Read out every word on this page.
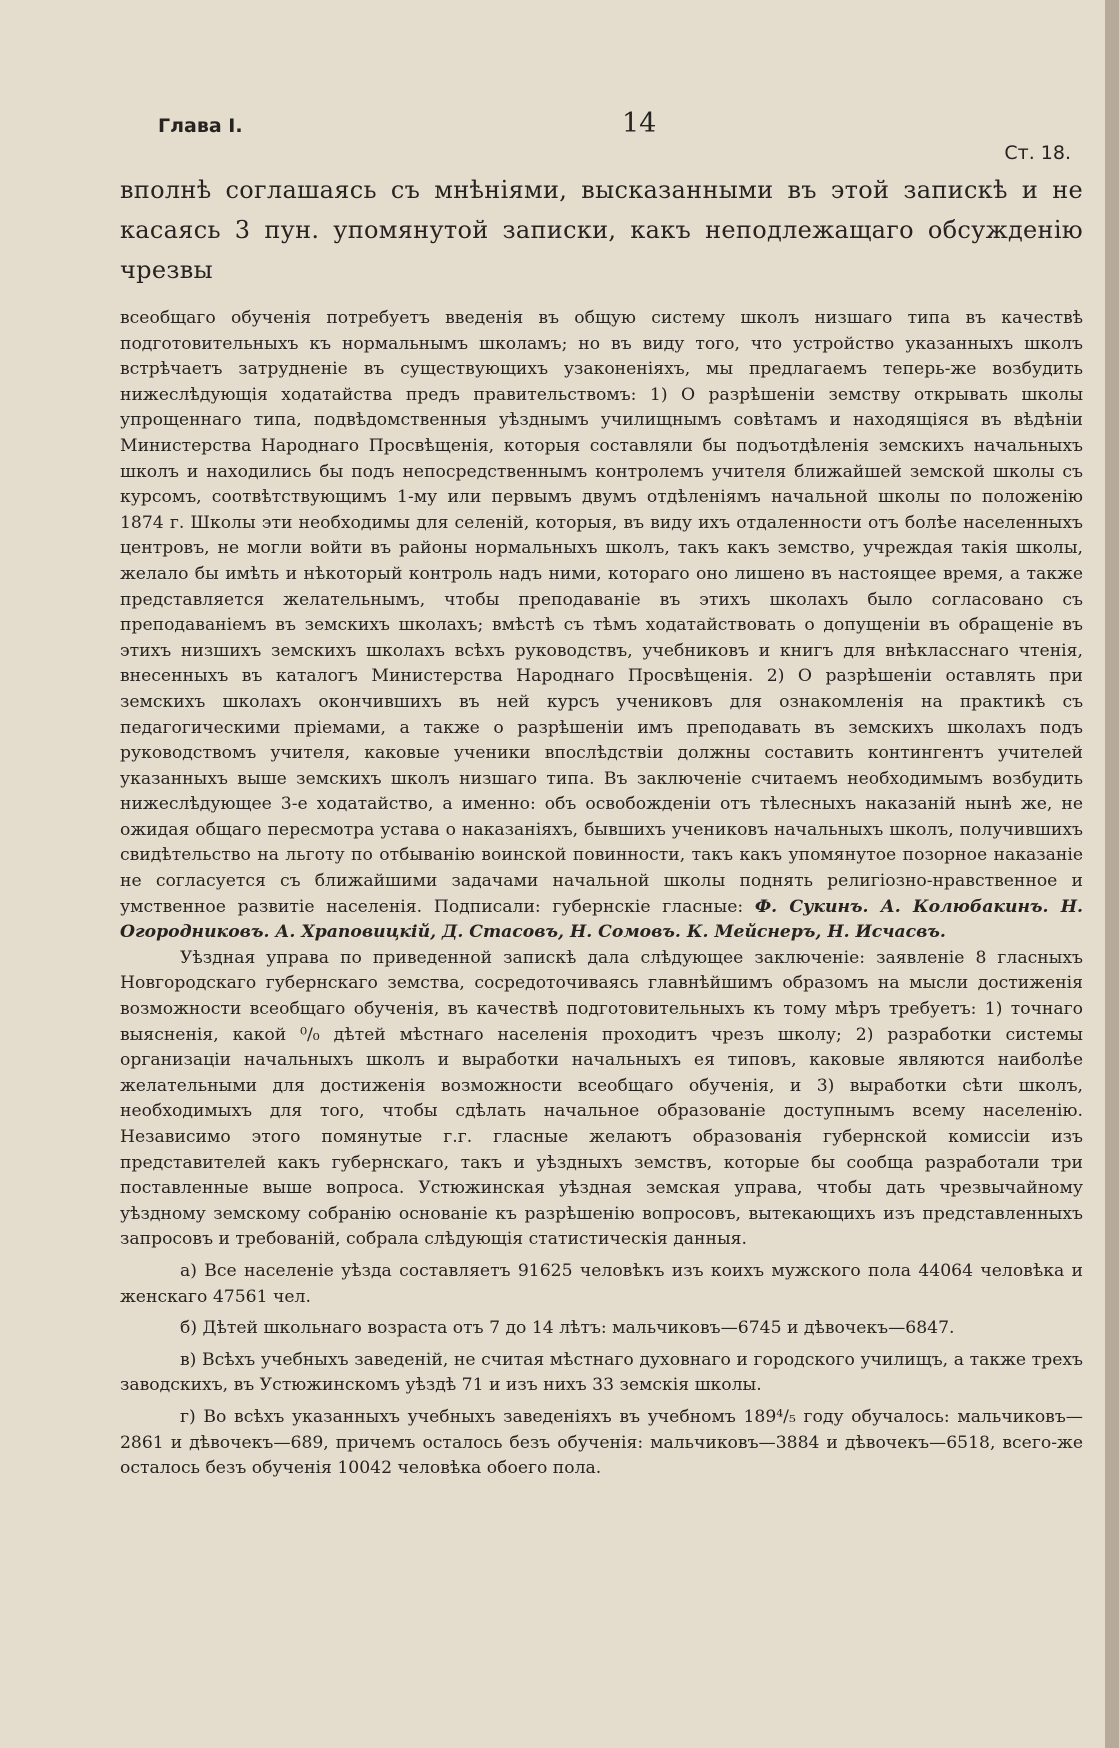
Глава I.	14
Ст. 18.

вполнѣ соглашаясь съ мнѣніями, высказанными въ этой запискѣ и не касаясь 3 пун. упомянутой записки, какъ неподлежащаго обсужденію чрезвы

всеобщаго обученія потребуетъ введенія въ общую систему школъ низшаго типа въ качествѣ подготовительныхъ къ нормальнымъ школамъ; но въ виду того, что устройство указанныхъ школъ встрѣчаетъ затрудненіе въ существующихъ узаконеніяхъ, мы предлагаемъ теперь-же возбудить нижеслѣдующія ходатайства предъ правительствомъ: 1) О разрѣшеніи земству открывать школы упрощеннаго типа, подвѣдомственныя уѣзднымъ училищнымъ совѣтамъ и находящіяся въ вѣдѣніи Министерства Народнаго Просвѣщенія, которыя составляли бы подъотдѣленія земскихъ начальныхъ школъ и находились бы подъ непосредственнымъ контролемъ учителя ближайшей земской школы съ курсомъ, соотвѣтствующимъ 1-му или первымъ двумъ отдѣленіямъ начальной школы по положенію 1874 г. Школы эти необходимы для селеній, которыя, въ виду ихъ отдаленности отъ болѣе населенныхъ центровъ, не могли войти въ районы нормальныхъ школъ, такъ какъ земство, учреждая такія школы, желало бы имѣть и нѣкоторый контроль надъ ними, котораго оно лишено въ настоящее время, а также представляется желательнымъ, чтобы преподаваніе въ этихъ школахъ было согласовано съ преподаваніемъ въ земскихъ школахъ; вмѣстѣ съ тѣмъ ходатайствовать о допущеніи въ обращеніе въ этихъ низшихъ земскихъ школахъ всѣхъ руководствъ, учебниковъ и книгъ для внѣкласснаго чтенія, внесенныхъ въ каталогъ Министерства Народнаго Просвѣщенія. 2) О разрѣшеніи оставлять при земскихъ школахъ окончившихъ въ ней курсъ учениковъ для ознакомленія на практикѣ съ педагогическими пріемами, а также о разрѣшеніи имъ преподавать въ земскихъ школахъ подъ руководствомъ учителя, каковые ученики впослѣдствіи должны составить контингентъ учителей указанныхъ выше земскихъ школъ низшаго типа. Въ заключеніе считаемъ необходимымъ возбудить нижеслѣдующее 3-е ходатайство, а именно: объ освобожденіи отъ тѣлесныхъ наказаній нынѣ же, не ожидая общаго пересмотра устава о наказаніяхъ, бывшихъ учениковъ начальныхъ школъ, получившихъ свидѣтельство на льготу по отбыванію воинской повинности, такъ какъ упомянутое позорное наказаніе не согласуется съ ближайшими задачами начальной школы поднять религіозно-нравственное и умственное развитіе населенія. Подписали: губернскіе гласные: Ф. Сукинъ. А. Колюбакинъ. Н. Огородниковъ. А. Храповицкій, Д. Стасовъ, Н. Сомовъ. К. Мейснеръ, Н. Исчасвъ.

Уѣздная управа по приведенной запискѣ дала слѣдующее заключеніе: заявленіе 8 гласныхъ Новгородскаго губернскаго земства, сосредоточиваясь главнѣйшимъ образомъ на мысли достиженія возможности всеобщаго обученія, въ качествѣ подготовительныхъ къ тому мѣръ требуетъ: 1) точнаго выясненія, какой ⁰/₀ дѣтей мѣстнаго населенія проходитъ чрезъ школу; 2) разработки системы организаціи начальныхъ школъ и выработки начальныхъ ея типовъ, каковые являются наиболѣе желательными для достиженія возможности всеобщаго обученія, и 3) выработки сѣти школъ, необходимыхъ для того, чтобы сдѣлать начальное образованіе доступнымъ всему населенію. Независимо этого помянутые г.г. гласные желаютъ образованія губернской комиссіи изъ представителей какъ губернскаго, такъ и уѣздныхъ земствъ, которые бы сообща разработали три поставленные выше вопроса. Устюжинская уѣздная земская управа, чтобы дать чрезвычайному уѣздному земскому собранію основаніе къ разрѣшенію вопросовъ, вытекающихъ изъ представленныхъ запросовъ и требованій, собрала слѣдующія статистическія данныя.

а) Все населеніе уѣзда составляетъ 91625 человѣкъ изъ коихъ мужского пола 44064 человѣка и женскаго 47561 чел.

б) Дѣтей школьнаго возраста отъ 7 до 14 лѣтъ: мальчиковъ—6745 и дѣвочекъ—6847.

в) Всѣхъ учебныхъ заведеній, не считая мѣстнаго духовнаго и городского училищъ, а также трехъ заводскихъ, въ Устюжинскомъ уѣздѣ 71 и изъ нихъ 33 земскія школы.

г) Во всѣхъ указанныхъ учебныхъ заведеніяхъ въ учебномъ 189⁴/₅ году обучалось: мальчиковъ—2861 и дѣвочекъ—689, причемъ осталось безъ обученія: мальчиковъ—3884 и дѣвочекъ—6518, всего-же осталось безъ обученія 10042 человѣка обоего пола.
